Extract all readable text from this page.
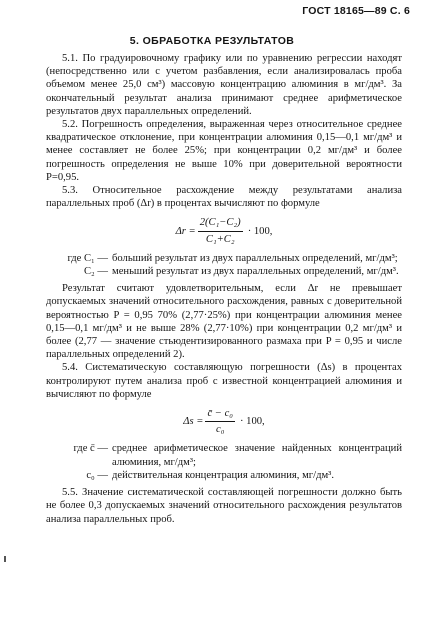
ГОСТ 18165—89 С. 6
5. ОБРАБОТКА РЕЗУЛЬТАТОВ

5.1. По градуировочному графику или по уравнению регрессии находят (непосредственно или с учетом разбавления, если анализировалась проба объемом менее 25,0 см³) массовую концентрацию алюминия в мг/дм³. За окончательный результат анализа принимают среднее арифметическое результатов двух параллельных определений.

5.2. Погрешность определения, выраженная через относительное среднее квадратическое отклонение, при концентрации алюминия 0,15—0,1 мг/дм³ и менее составляет не более 25%; при концентрации 0,2 мг/дм³ и более погрешность определения не выше 10% при доверительной вероятности P=0,95.

5.3. Относительное расхождение между результатами анализа параллельных проб (Δr) в процентах вычисляют по формуле

$\Delta r = \frac{\text{2(C₁−C₂)}}{\text{C₁+C₂}} \cdot 100$,
где C₁ — больший результат из двух параллельных определений, мг/дм³;
C₂ — меньший результат из двух параллельных определений, мг/дм³.

Результат считают удовлетворительным, если Δr не превышает допускаемых значений относительного расхождения, равных с доверительной вероятностью P = 0,95 70% (2,77·25%) при концентрации алюминия менее 0,15—0,1 мг/дм³ и не выше 28% (2,77·10%) при концентрации 0,2 мг/дм³ и более (2,77 — значение стьюдентизированного размаха при P = 0,95 и числе параллельных определений 2).

5.4. Систематическую составляющую погрешности (Δs) в процентах контролируют путем анализа проб с известной концентрацией алюминия и вычисляют по формуле

$\Delta s = \frac{\text{c̄ − c₀}}{\text{c₀}} \cdot 100$,
где c̄ — среднее арифметическое значение найденных концентраций алюминия, мг/дм³;
c₀ — действительная концентрация алюминия, мг/дм³.

5.5. Значение систематической составляющей погрешности должно быть не более 0,3 допускаемых значений относительного расхождения результатов анализа параллельных проб.
